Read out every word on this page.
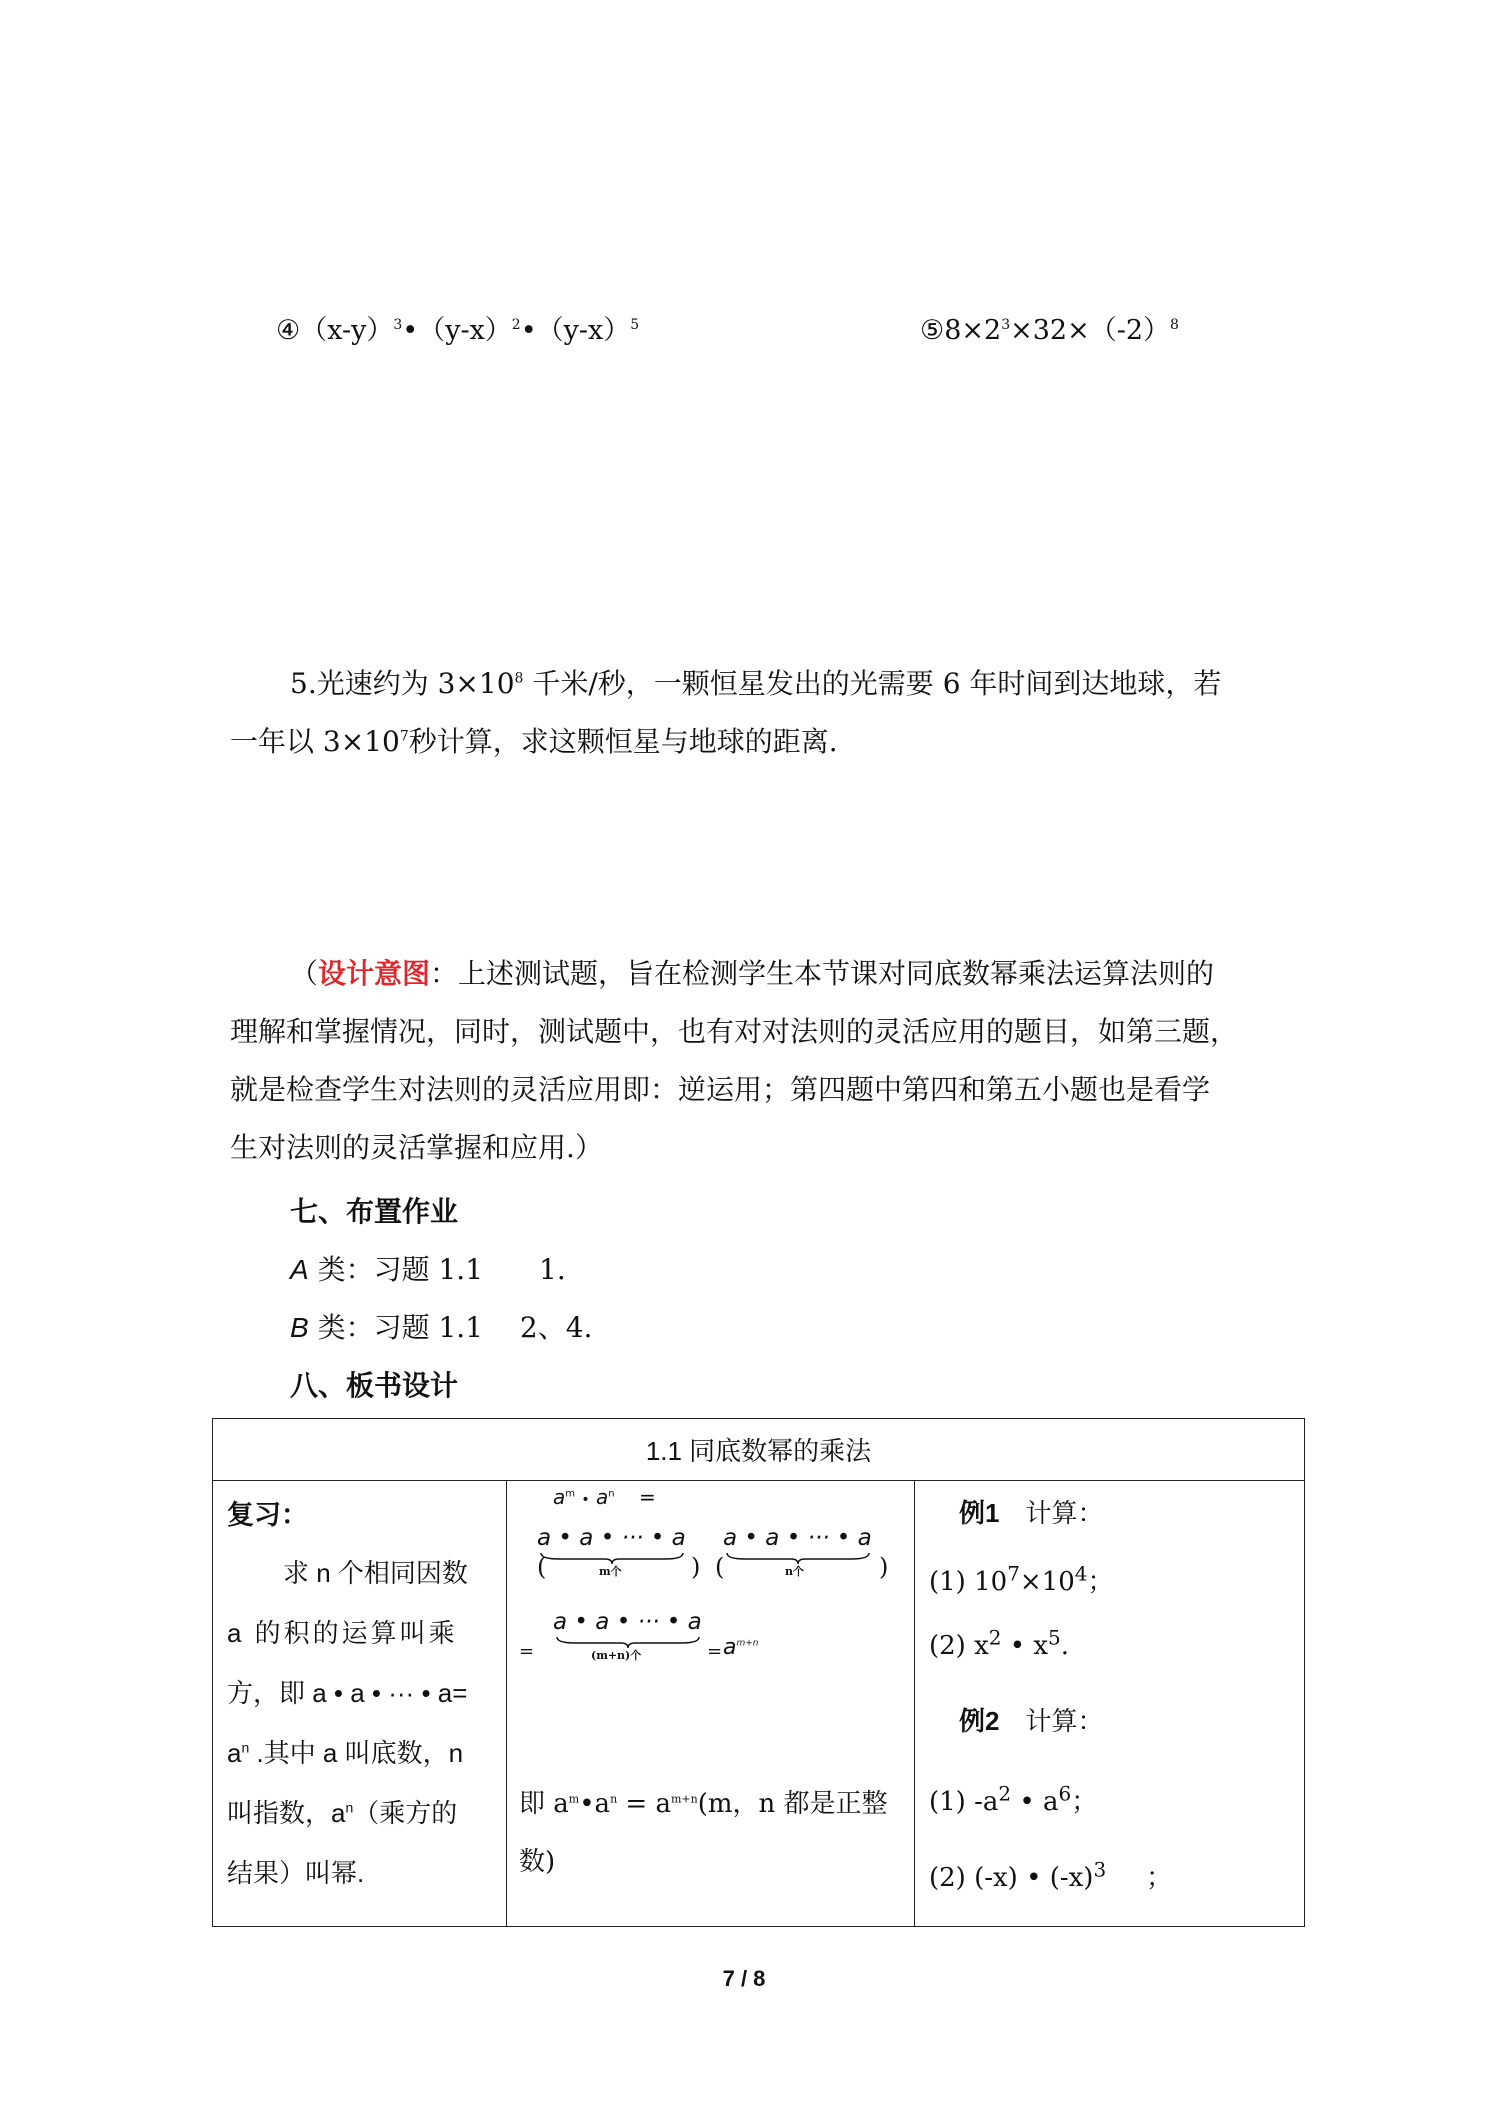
$④(x-y)^3•(y-x)^2•(y-x)^5$	$⑤8\times 2^3\times 32\times(-2)^8$
5.光速约为 $3\times 10^8$ 千米/秒，一颗恒星发出的光需要 6 年时间到达地球，若
一年以 $3\times 10^7$秒计算，求这颗恒星与地球的距离.
（设计意图：上述测试题，旨在检测学生本节课对同底数幂乘法运算法则的
理解和掌握情况，同时，测试题中，也有对对法则的灵活应用的题目，如第三题，
就是检查学生对法则的灵活应用即：逆运用；第四题中第四和第五小题也是看学
生对法则的灵活掌握和应用.）
七、布置作业
A 类：习题 1.1　　1.
B 类：习题 1.1　 2、4.
八、板书设计
1.1 同底数幂的乘法

复习：
求 n 个相同因数
a 的积的运算叫乘
方，即 a • a • ··· • a=
$a^n$ .其中 a 叫底数，n
叫指数，$a^n$（乘方的
结果）叫幂.

$a^m$ • $a^n$ =
(
a • a • ··· • a
m个	) (
a • a • ··· • a
n个	)
a • a • ··· • a
(m+n)个
=	= $a^{m+n}$
即 $a^m•a^n = a^{m+n}(m$，n 都是正整
数)

例1　计算：
(1) $10^7\times 10^4$；
(2) $x^2$ • $x^5$.
例2　计算：
(1) $-a^2$ • $a^6$；
(2) (-x) • $(-x)^3$ ；
7 / 8
